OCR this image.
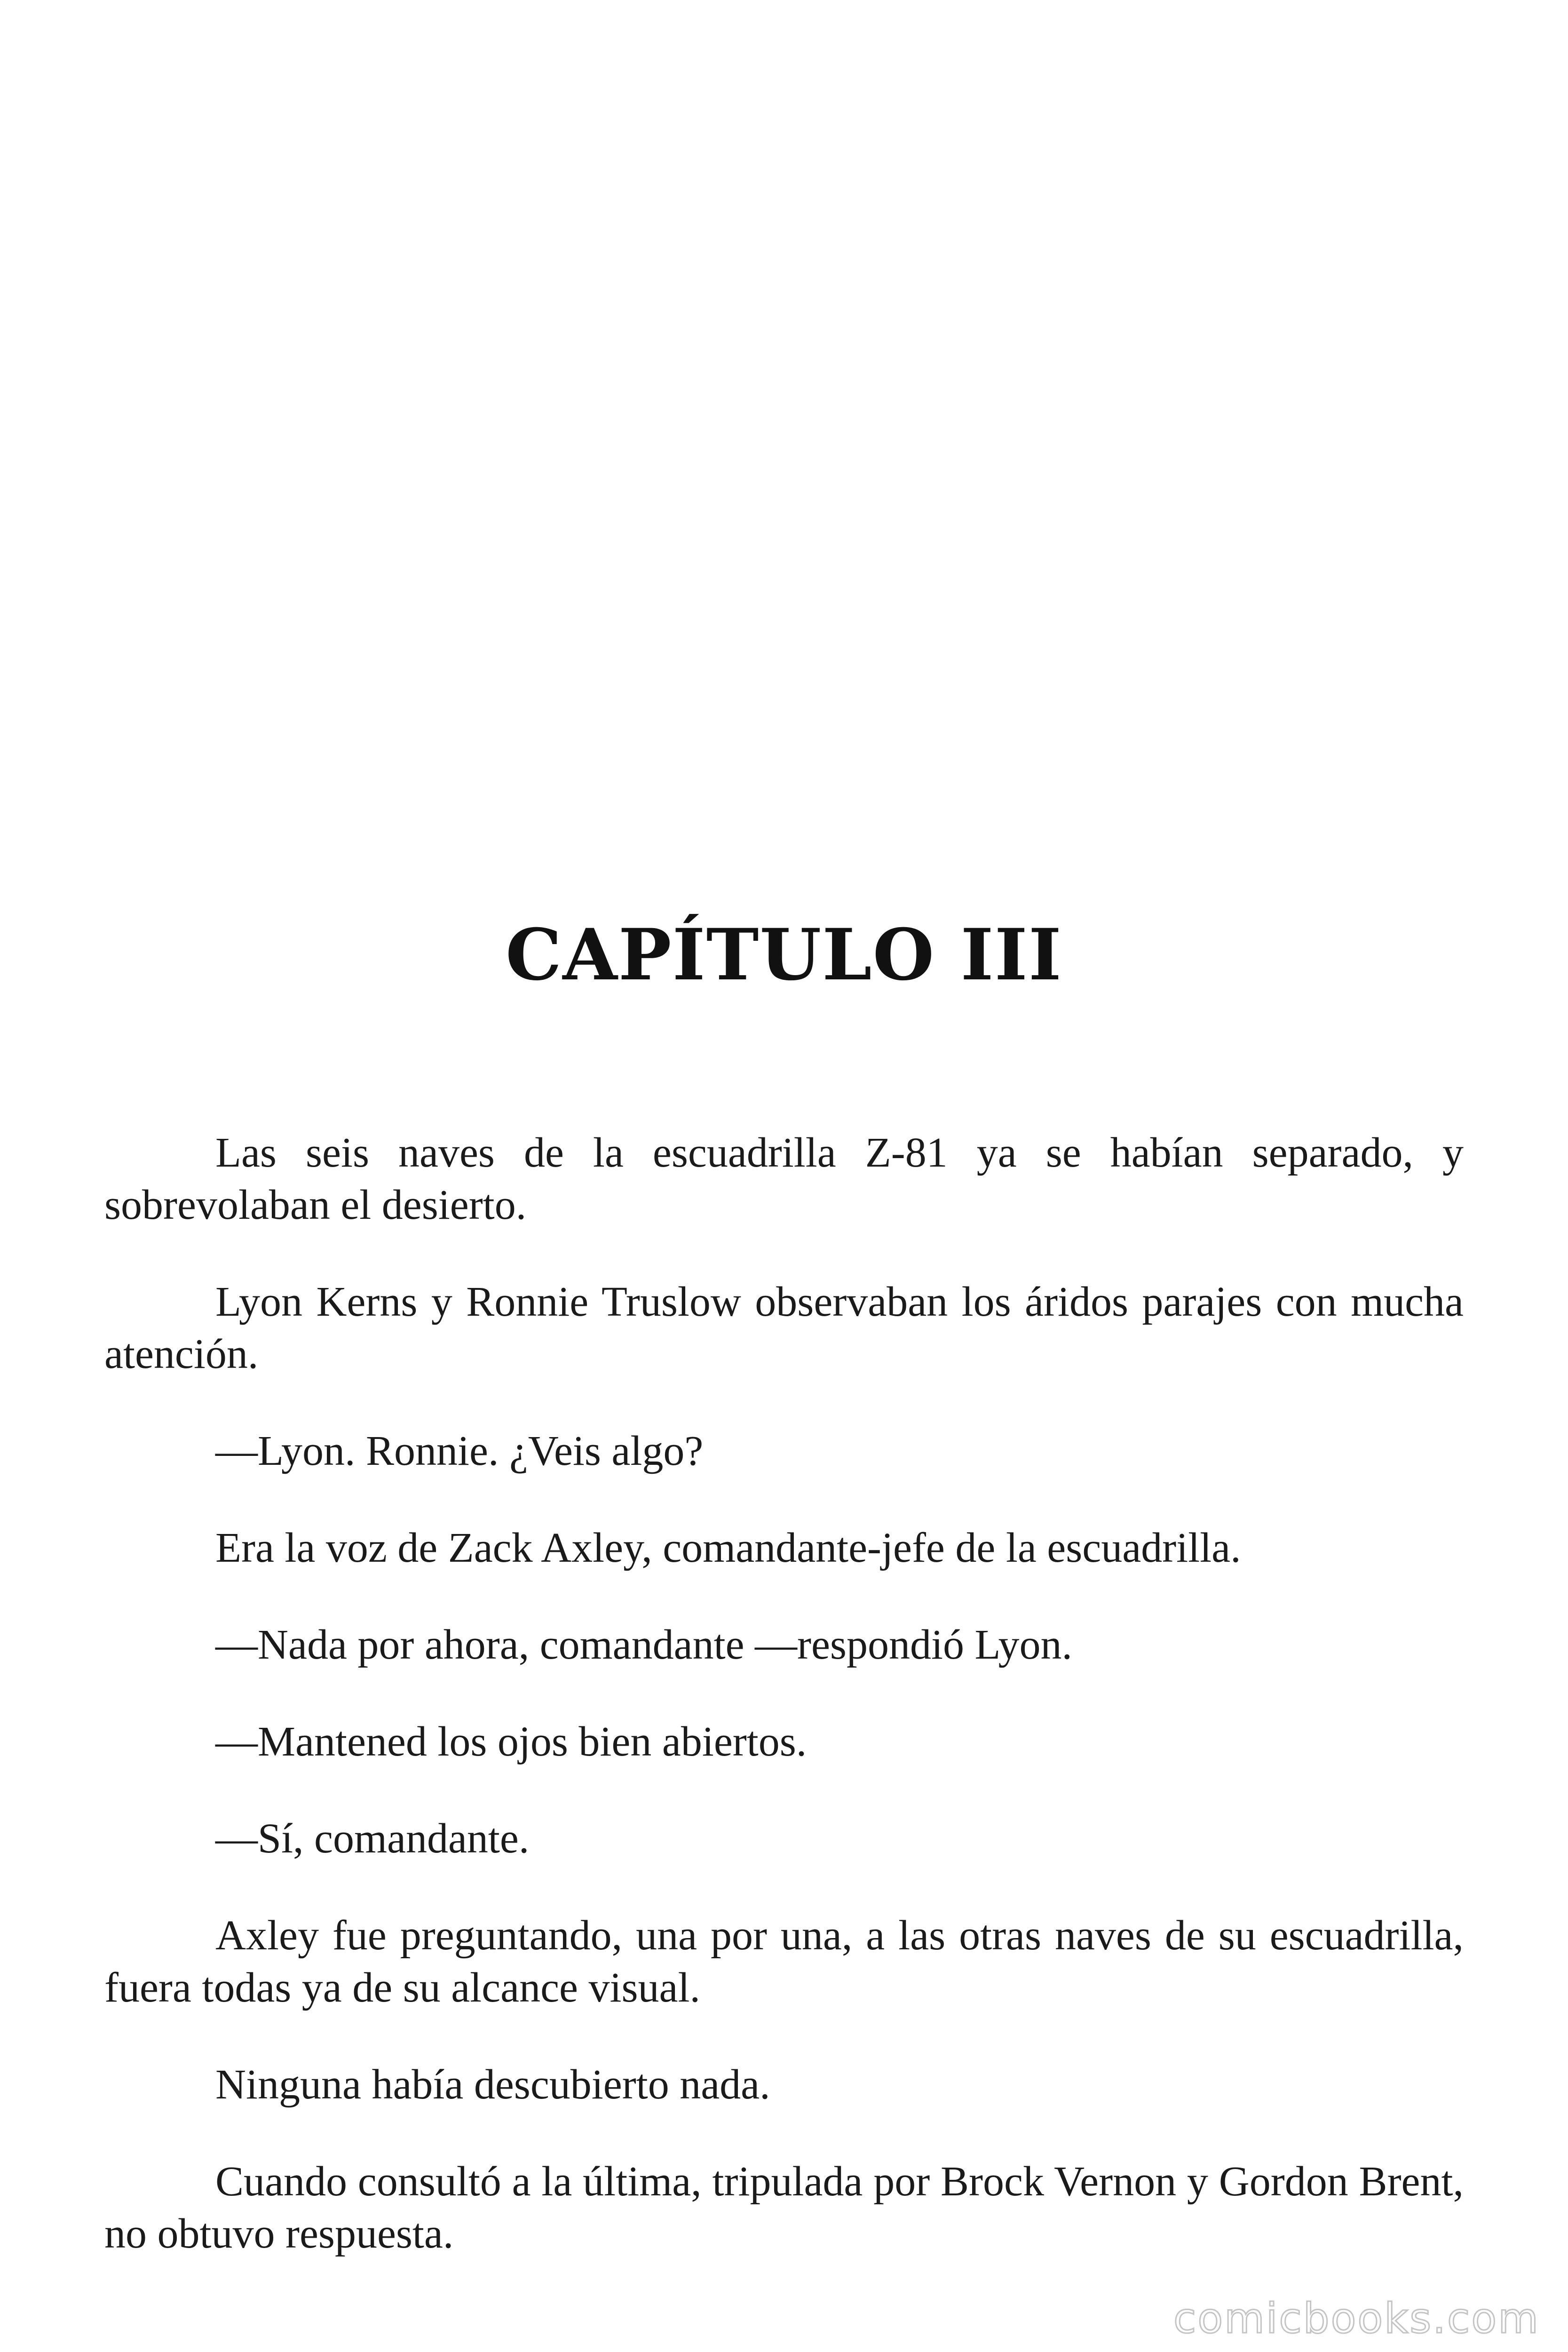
CAPÍTULO III

Las seis naves de la escuadrilla Z-81 ya se habían separado, y sobrevolaban el desierto.

Lyon Kerns y Ronnie Truslow observaban los áridos parajes con mucha atención.

—Lyon. Ronnie. ¿Veis algo?

Era la voz de Zack Axley, comandante-jefe de la escuadrilla.

—Nada por ahora, comandante —respondió Lyon.

—Mantened los ojos bien abiertos.

—Sí, comandante.

Axley fue preguntando, una por una, a las otras naves de su escuadrilla, fuera todas ya de su alcance visual.

Ninguna había descubierto nada.

Cuando consultó a la última, tripulada por Brock Vernon y Gordon Brent, no obtuvo respuesta.

comicbooks.com
